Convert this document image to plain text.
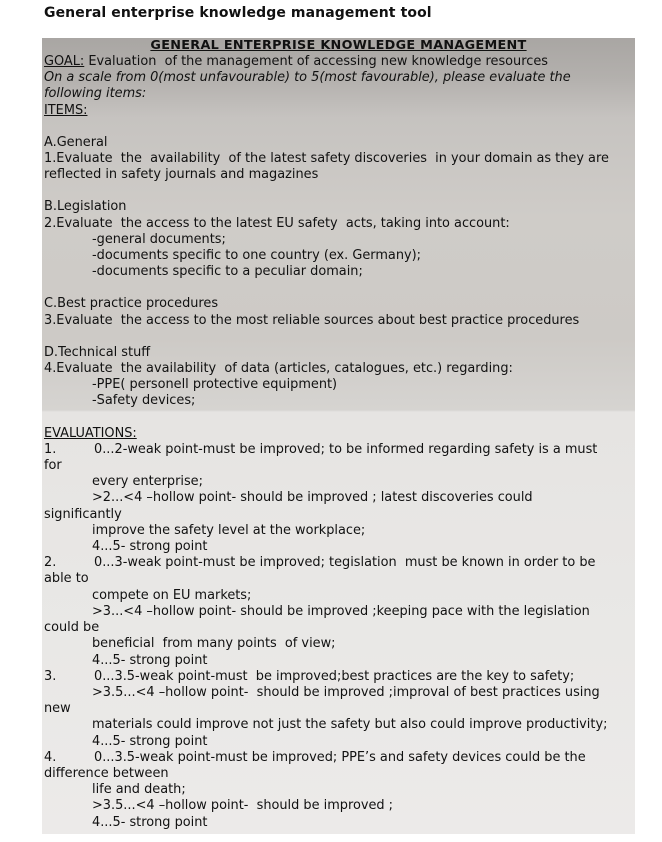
General enterprise knowledge management tool
GENERAL ENTERPRISE KNOWLEDGE MANAGEMENT
GOAL: Evaluation  of the management of accessing new knowledge resources
On a scale from 0(most unfavourable) to 5(most favourable), please evaluate the
following items:
ITEMS:
A.General
1.Evaluate  the  availability  of the latest safety discoveries  in your domain as they are
reflected in safety journals and magazines
B.Legislation
2.Evaluate  the access to the latest EU safety  acts, taking into account:
-general documents;
-documents specific to one country (ex. Germany);
-documents specific to a peculiar domain;
C.Best practice procedures
3.Evaluate  the access to the most reliable sources about best practice procedures
D.Technical stuff
4.Evaluate  the availability  of data (articles, catalogues, etc.) regarding:
-PPE( personell protective equipment)
-Safety devices;
EVALUATIONS:
1.	0...2-weak point-must be improved; to be informed regarding safety is a must
for
every enterprise;
>2...<4 –hollow point- should be improved ; latest discoveries could
significantly
improve the safety level at the workplace;
4...5- strong point
2.	0...3-weak point-must be improved; tegislation  must be known in order to be
able to
compete on EU markets;
>3...<4 –hollow point- should be improved ;keeping pace with the legislation
could be
beneficial  from many points  of view;
4...5- strong point
3.	0...3.5-weak point-must  be improved;best practices are the key to safety;
>3.5...<4 –hollow point-  should be improved ;improval of best practices using
new
materials could improve not just the safety but also could improve productivity;
4...5- strong point
4.	0...3.5-weak point-must be improved; PPE’s and safety devices could be the
difference between
life and death;
>3.5...<4 –hollow point-  should be improved ;
4...5- strong point
